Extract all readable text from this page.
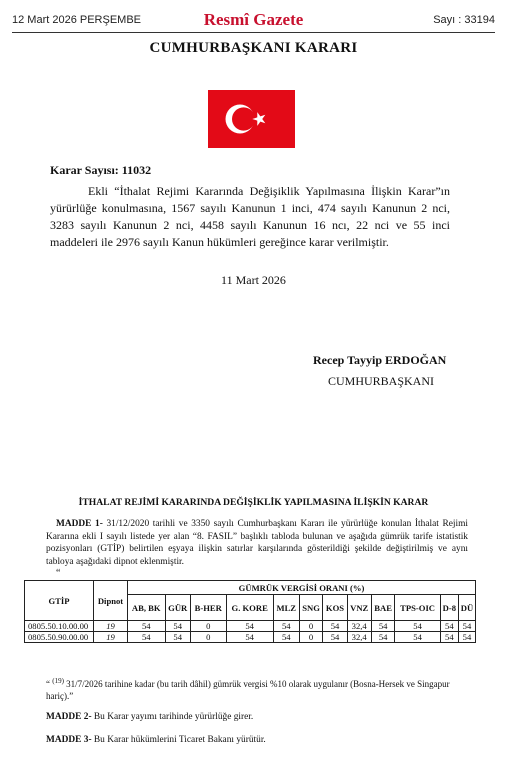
12 Mart 2026 PERŞEMBE	Resmî Gazete	Sayı : 33194
CUMHURBAŞKANI KARARI
Karar Sayısı: 11032
Ekli “İthalat Rejimi Kararında Değişiklik Yapılmasına İlişkin Karar”ın yürürlüğe konulmasına, 1567 sayılı Kanunun 1 inci, 474 sayılı Kanunun 2 nci, 3283 sayılı Kanunun 2 nci, 4458 sayılı Kanunun 16 ncı, 22 nci ve 55 inci maddeleri ile 2976 sayılı Kanun hükümleri gereğince karar verilmiştir.
11 Mart 2026
Recep Tayyip ERDOĞAN
CUMHURBAŞKANI
İTHALAT REJİMİ KARARINDA DEĞİŞİKLİK YAPILMASINA İLİŞKİN KARAR
MADDE 1- 31/12/2020 tarihli ve 3350 sayılı Cumhurbaşkanı Kararı ile yürürlüğe konulan İthalat Rejimi Kararına ekli I sayılı listede yer alan “8. FASIL” başlıklı tabloda bulunan ve aşağıda gümrük tarife istatistik pozisyonları (GTİP) belirtilen eşyaya ilişkin satırlar karşılarında gösterildiği şekilde değiştirilmiş ve aynı tabloya aşağıdaki dipnot eklenmiştir.
“
GTİP	Dipnot	GÜMRÜK VERGİSİ ORANI (%)											
		AB, BK	GÜR	B-HER	G. KORE	MLZ	SNG	KOS	VNZ	BAE	TPS-OIC	D-8	DÜ
0805.50.10.00.00	19	54	54	0	54	54	0	54	32,4	54	54	54	54
0805.50.90.00.00	19	54	54	0	54	54	0	54	32,4	54	54	54	54
“ $^{(19)}$ 31/7/2026 tarihine kadar (bu tarih dâhil) gümrük vergisi %10 olarak uygulanır (Bosna-Hersek ve Singapur hariç).”
MADDE 2- Bu Karar yayımı tarihinde yürürlüğe girer.
MADDE 3- Bu Karar hükümlerini Ticaret Bakanı yürütür.
